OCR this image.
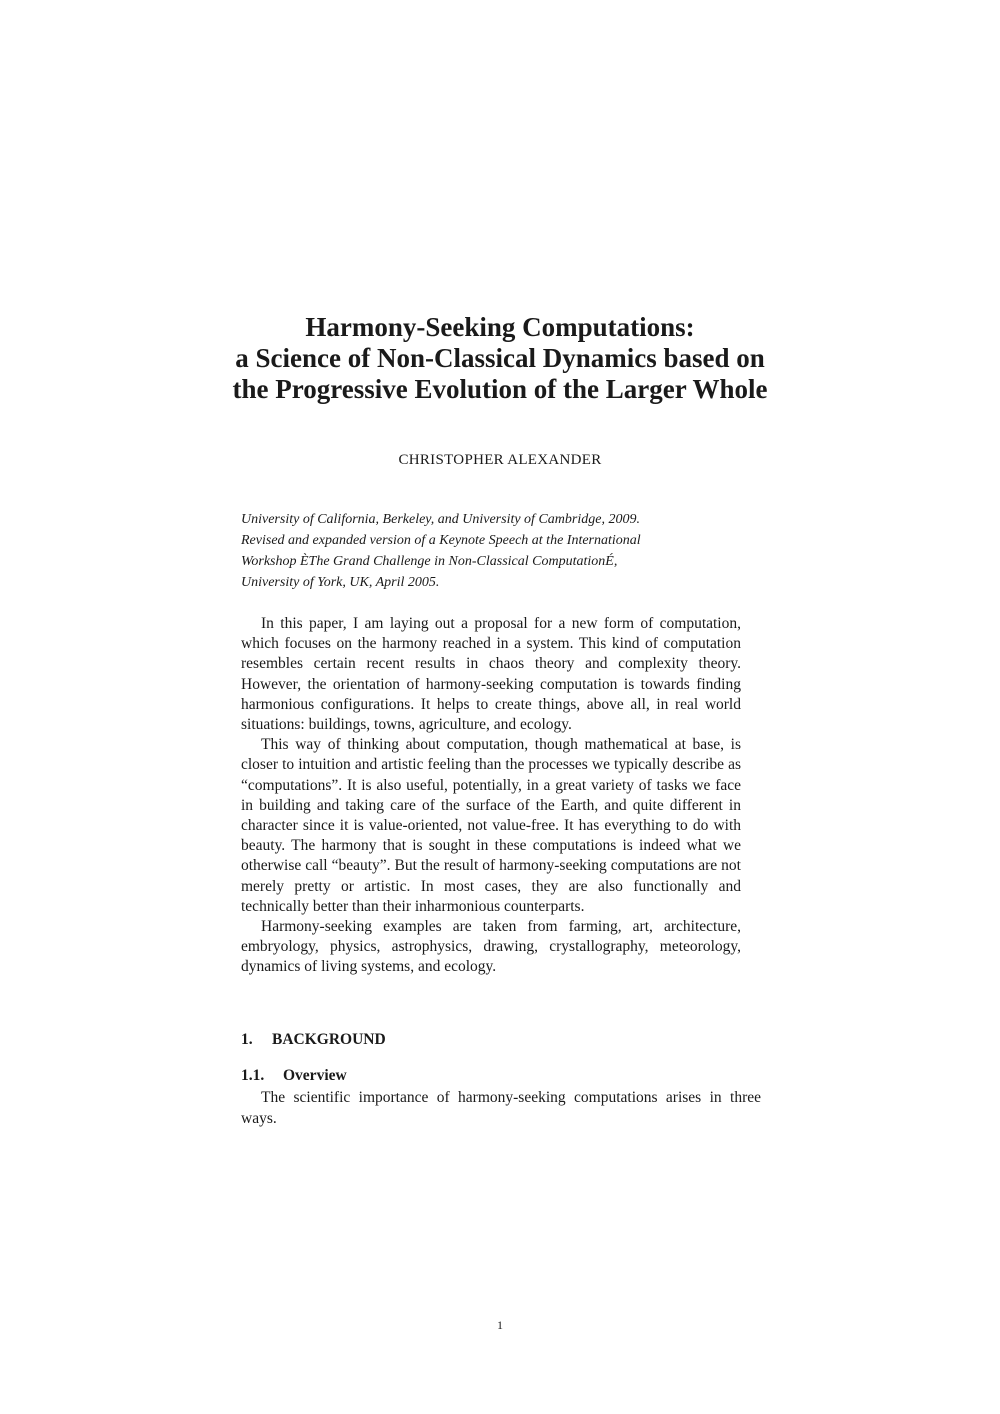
Harmony-Seeking Computations:
a Science of Non-Classical Dynamics based on
the Progressive Evolution of the Larger Whole
CHRISTOPHER ALEXANDER
University of California, Berkeley, and University of Cambridge, 2009.
Revised and expanded version of a Keynote Speech at the International
Workshop ÈThe Grand Challenge in Non-Classical ComputationÉ,
University of York, UK, April 2005.

In this paper, I am laying out a proposal for a new form of computation, which focuses on the harmony reached in a system. This kind of computation resembles certain recent results in chaos theory and complexity theory. However, the orientation of harmony-seeking computation is towards finding harmonious configurations. It helps to create things, above all, in real world situations: buildings, towns, agriculture, and ecology.

This way of thinking about computation, though mathematical at base, is closer to intuition and artistic feeling than the processes we typically describe as “computations”. It is also useful, potentially, in a great variety of tasks we face in building and taking care of the surface of the Earth, and quite different in character since it is value-oriented, not value-free. It has everything to do with beauty. The harmony that is sought in these computations is indeed what we otherwise call “beauty”. But the result of harmony-seeking computations are not merely pretty or artistic. In most cases, they are also functionally and technically better than their inharmonious counterparts.

Harmony-seeking examples are taken from farming, art, architecture, embryology, physics, astrophysics, drawing, crystallography, meteorology, dynamics of living systems, and ecology.

1. BACKGROUND
1.1. Overview

The scientific importance of harmony-seeking computations arises in three ways.

1
